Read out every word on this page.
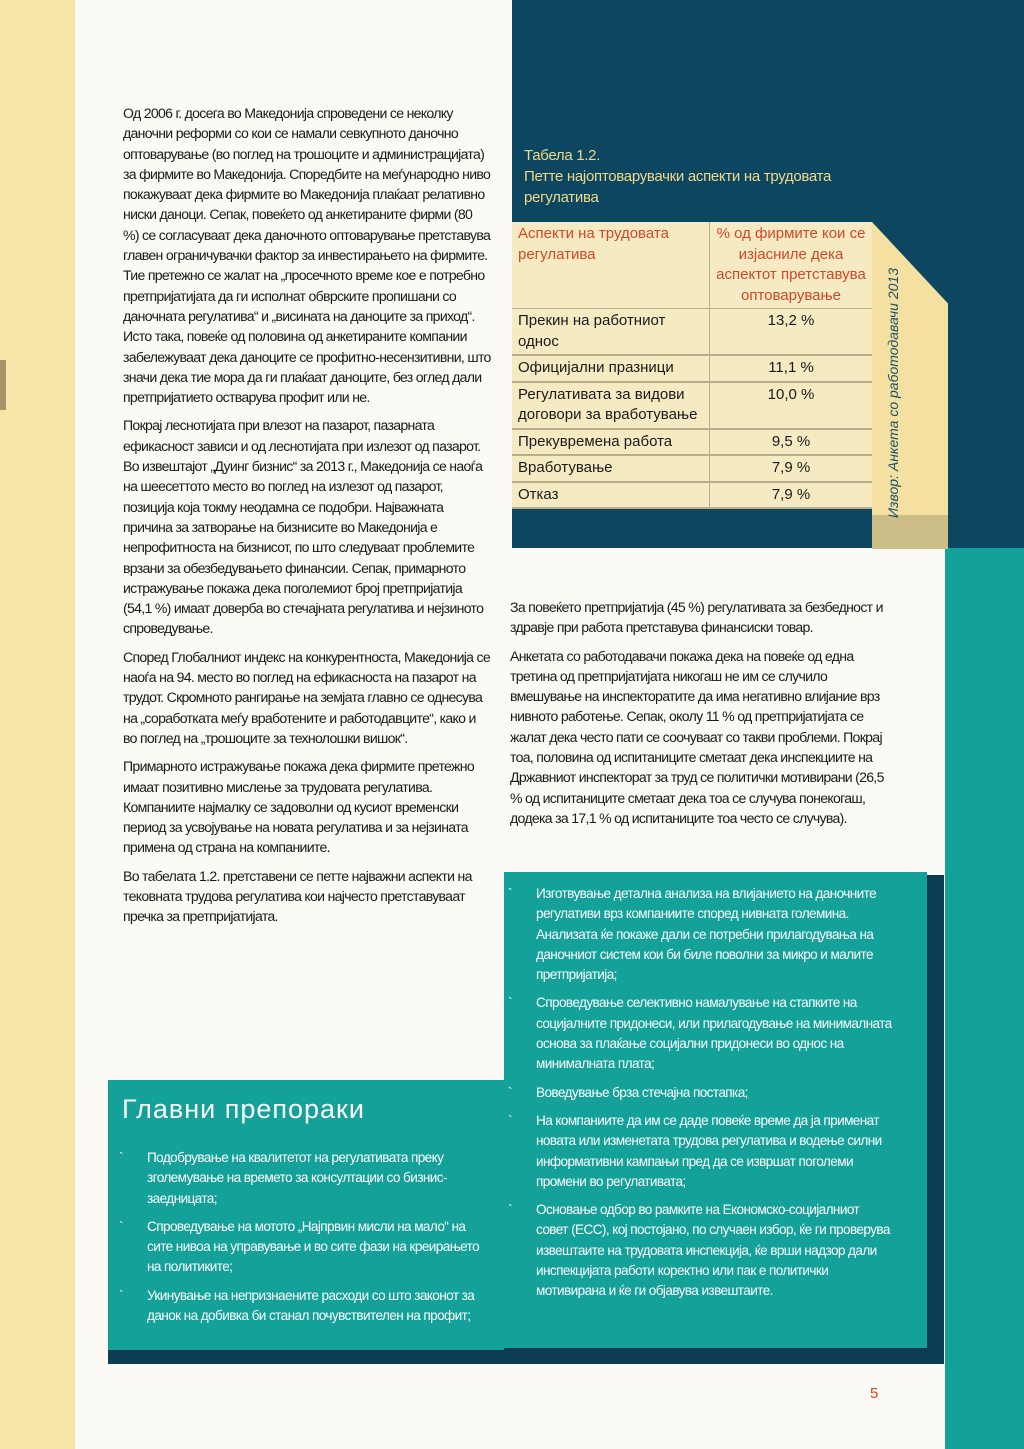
Од 2006 г. досега во Македонија спроведени се неколку даночни реформи со кои се намали севкупното даночно оптоварување (во поглед на трошоците и администрацијата) за фирмите во Македонија. Споредбите на меѓународно ниво покажуваат дека фирмите во Македонија плаќаат релативно ниски даноци. Сепак, повеќето од анкетираните фирми (80 %) се согласуваат дека даночното оптоварување претставува главен ограничувачки фактор за инвестирањето на фирмите. Тие претежно се жалат на „просечното време кое е потребно претпријатијата да ги исполнат обврските пропишани со даночната регулатива“ и „висината на даноците за приход“. Исто така, повеќе од половина од анкетираните компании забележуваат дека даноците се профитно-несензитивни, што значи дека тие мора да ги плаќаат даноците, без оглед дали претпријатието остварува профит или не.

Покрај леснотијата при влезот на пазарот, пазарната ефикасност зависи и од леснотијата при излезот од пазарот. Во извештајот „Дуинг бизнис“ за 2013 г., Македонија се наоѓа на шеесеттото место во поглед на излезот од пазарот, позиција која токму неодамна се подобри. Најважната причина за затворање на бизнисите во Македонија е непрофитноста на бизнисот, по што следуваат проблемите врзани за обезбедувањето финансии. Сепак, примарното истражување покажа дека поголемиот број претпријатија (54,1 %) имаат доверба во стечајната регулатива и нејзиното спроведување.

Според Глобалниот индекс на конкурентноста, Македонија се наоѓа на 94. место во поглед на ефикасноста на пазарот на трудот. Скромното рангирање на земјата главно се однесува на „соработката меѓу вработените и работодавците“, како и во поглед на „трошоците за технолошки вишок“.

Примарното истражување покажа дека фирмите претежно имаат позитивно мислење за трудовата регулатива. Компаниите најмалку се задоволни од кусиот временски период за усвојување на новата регулатива и за нејзината примена од страна на компаниите.

Во табелата 1.2. претставени се петте најважни аспекти на тековната трудова регулатива кои најчесто претставуваат пречка за претпријатијата.

Табела 1.2.
Петте најоптоварувачки аспекти на трудовата регулатива
Аспекти на трудовата регулатива	% од фирмите кои се изјасниле дека аспектот претставува оптоварување
Прекин на работниот однос	13,2 %
Официјални празници	11,1 %
Регулативата за видови договори за вработување	10,0 %
Прекувремена работа	9,5 %
Вработување	7,9 %
Отказ	7,9 %	Извор: Анкета со работодавачи 2013

За повеќето претпријатија (45 %) регулативата за безбедност и здравје при работа претставува финансиски товар.

Анкетата со работодавачи покажа дека на повеќе од една третина од претпријатијата никогаш не им се случило вмешување на инспекторатите да има негативно влијание врз нивното работење. Сепак, околу 11 % од претпријатијата се жалат дека често пати се соочуваат со такви проблеми. Покрај тоа, половина од испитаниците сметаат дека инспекциите на Државниот инспекторат за труд се политички мотивирани (26,5 % од испитаниците сметаат дека тоа се случува понекогаш, додека за 17,1 % од испитаниците тоа често се случува).

Главни препораки
` Подобрување на квалитетот на регулативата преку зголемување на времето за консултации со бизнис-заедницата;
` Спроведување на мотото „Најпрвин мисли на мало“ на сите нивоа на управување и во сите фази на креирањето на политиките;
` Укинување на непризнаените расходи со што законот за данок на добивка би станал почувствителен на профит;
` Изготвување детална анализа на влијанието на даночните регулативи врз компаниите според нивната големина. Анализата ќе покаже дали се потребни прилагодувања на даночниот систем кои би биле поволни за микро и малите претпријатија;
` Спроведување селективно намалување на стапките на социјалните придонеси, или прилагодување на минималната основа за плаќање социјални придонеси во однос на минималната плата;
` Воведување брза стечајна постапка;
` На компаниите да им се даде повеќе време да ја применат новата или изменетата трудова регулатива и водење силни информативни кампањи пред да се извршат поголеми промени во регулативата;
` Основање одбор во рамките на Економско-социјалниот совет (ЕСС), кој постојано, по случаен избор, ќе ги проверува извештаите на трудовата инспекција, ќе врши надзор дали инспекцијата работи коректно или пак е политички мотивирана и ќе ги објавува извештаите.
5
